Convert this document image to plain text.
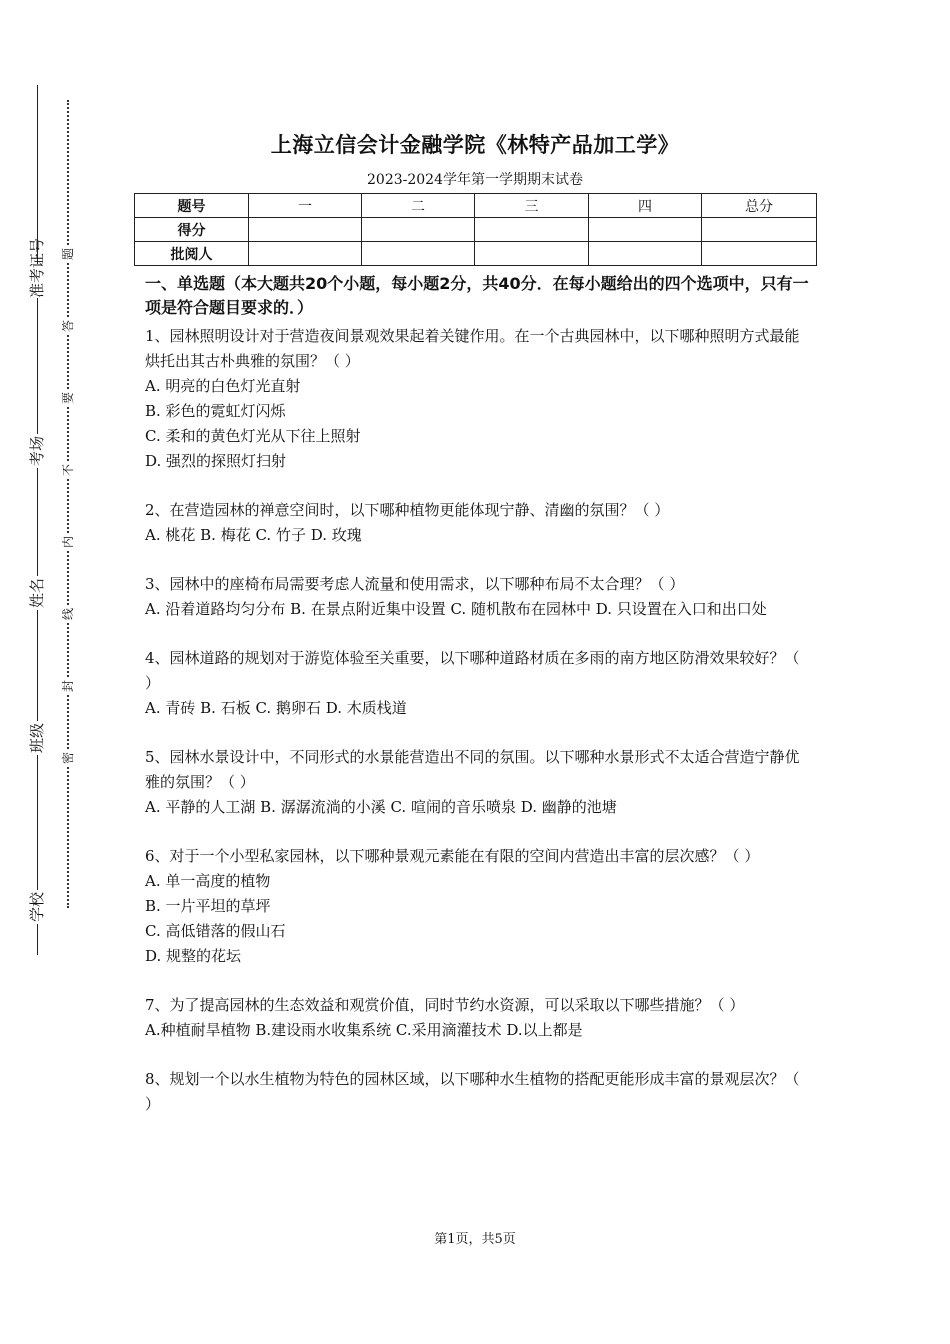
准考证号
考场
姓名
班级
学校
题
答
要
不
内
线
封
密
上海立信会计金融学院《林特产品加工学》
2023-2024学年第一学期期末试卷
题号	一	二	三	四	总分
得分					
批阅人					

一、单选题（本大题共20个小题，每小题2分，共40分．在每小题给出的四个选项中，只有一项是符合题目要求的．）

1、园林照明设计对于营造夜间景观效果起着关键作用。在一个古典园林中，以下哪种照明方式最能烘托出其古朴典雅的氛围？（ ）
A. 明亮的白色灯光直射
B. 彩色的霓虹灯闪烁
C. 柔和的黄色灯光从下往上照射
D. 强烈的探照灯扫射
2、在营造园林的禅意空间时，以下哪种植物更能体现宁静、清幽的氛围？（ ）
A. 桃花 B. 梅花 C. 竹子 D. 玫瑰
3、园林中的座椅布局需要考虑人流量和使用需求，以下哪种布局不太合理？（ ）
A. 沿着道路均匀分布 B. 在景点附近集中设置 C. 随机散布在园林中 D. 只设置在入口和出口处
4、园林道路的规划对于游览体验至关重要，以下哪种道路材质在多雨的南方地区防滑效果较好？（ ）
A. 青砖 B. 石板 C. 鹅卵石 D. 木质栈道
5、园林水景设计中，不同形式的水景能营造出不同的氛围。以下哪种水景形式不太适合营造宁静优雅的氛围？（ ）
A. 平静的人工湖 B. 潺潺流淌的小溪 C. 喧闹的音乐喷泉 D. 幽静的池塘
6、对于一个小型私家园林，以下哪种景观元素能在有限的空间内营造出丰富的层次感？（ ）
A. 单一高度的植物
B. 一片平坦的草坪
C. 高低错落的假山石
D. 规整的花坛
7、为了提高园林的生态效益和观赏价值，同时节约水资源，可以采取以下哪些措施？（ ）
A.种植耐旱植物 B.建设雨水收集系统 C.采用滴灌技术 D.以上都是
8、规划一个以水生植物为特色的园林区域，以下哪种水生植物的搭配更能形成丰富的景观层次？（ ）
第1页，共5页
